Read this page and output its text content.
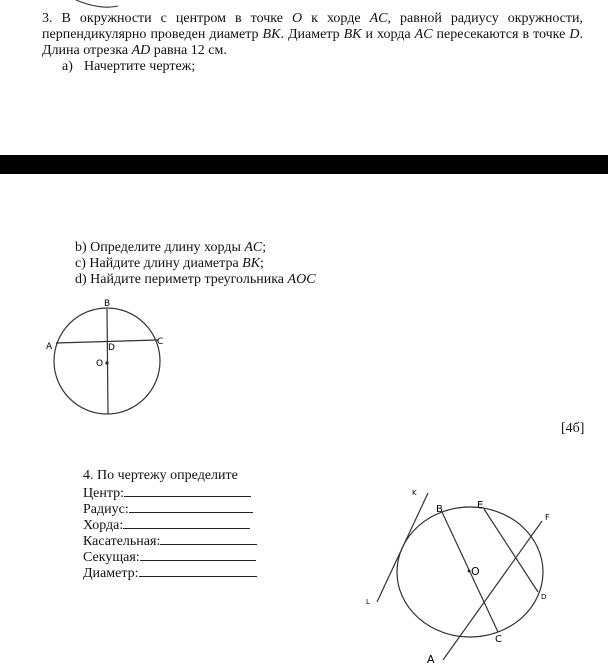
B
A	C
D
O
K
L
B	E
F
O
D
C
A
3. В окружности с центром в точке O к хорде AC, равной радиусу окружности,
перпендикулярно проведен диаметр BK. Диаметр BK и хорда AC пересекаются в точке D.
Длина отрезка AD равна 12 см.
a) Начертите чертеж;
b) Определите длину хорды AC;
c) Найдите длину диаметра BK;
d) Найдите периметр треугольника AOC
[4б]
4. По чертежу определите
Центр:
Радиус:
Хорда:
Касательная:
Секущая:
Диаметр:
